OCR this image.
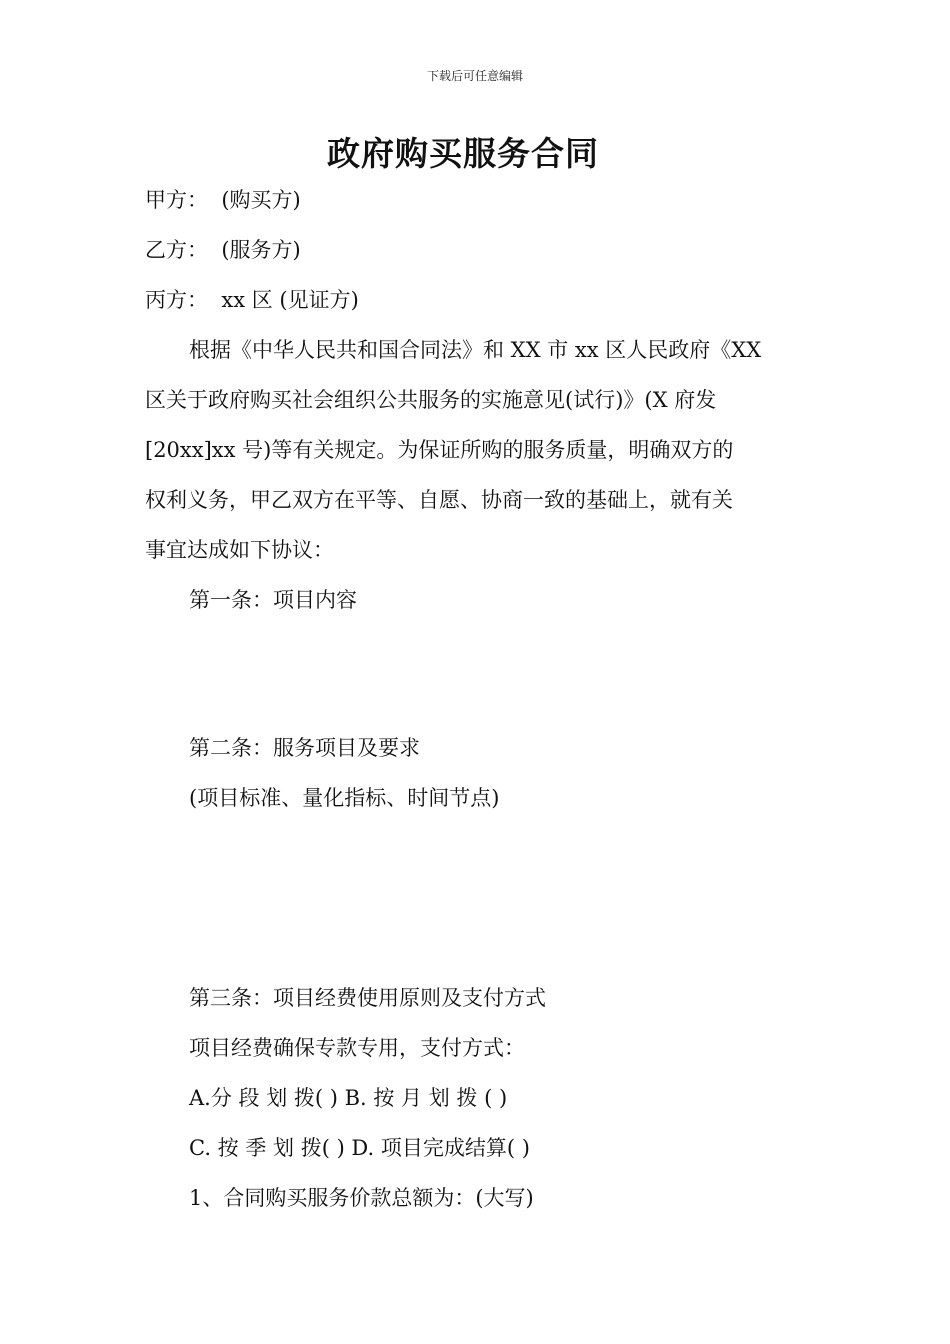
下载后可任意编辑
政府购买服务合同
甲方：  (购买方)
乙方：  (服务方)
丙方：  xx 区 (见证方)
根据《中华人民共和国合同法》和 XX 市 xx 区人民政府《XX
区关于政府购买社会组织公共服务的实施意见(试行)》(X 府发
[20xx]xx 号)等有关规定。为保证所购的服务质量，明确双方的
权利义务，甲乙双方在平等、自愿、协商一致的基础上，就有关
事宜达成如下协议：
第一条：项目内容
第二条：服务项目及要求
(项目标准、量化指标、时间节点)
第三条：项目经费使用原则及支付方式
项目经费确保专款专用，支付方式：
A.分 段 划 拨( ) B. 按 月 划 拨 ( )
C. 按 季 划 拨( ) D. 项目完成结算( )
1、合同购买服务价款总额为：(大写)
